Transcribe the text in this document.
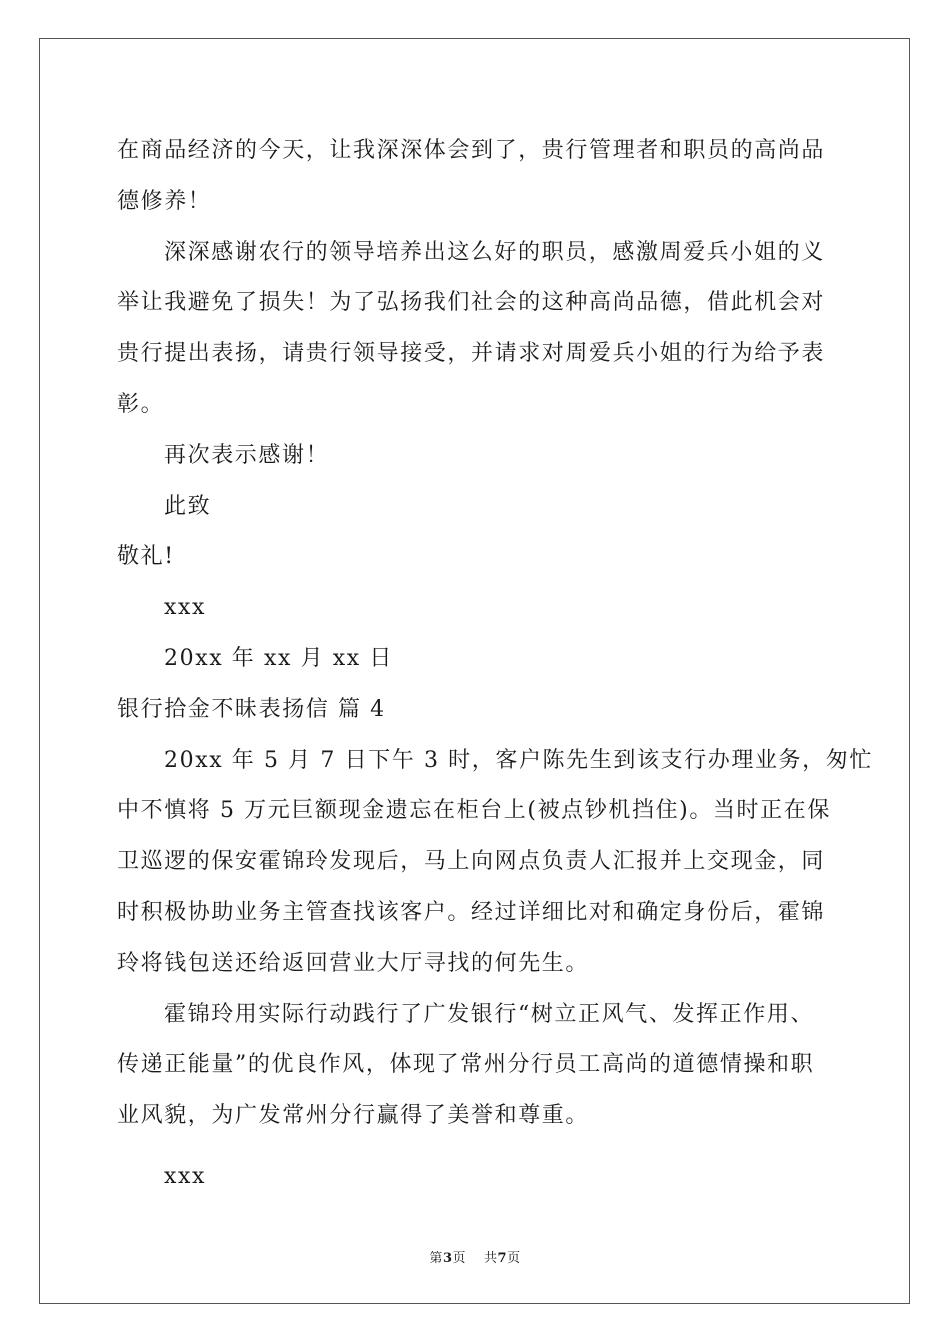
在商品经济的今天，让我深深体会到了，贵行管理者和职员的高尚品
德修养！
深深感谢农行的领导培养出这么好的职员，感激周爱兵小姐的义
举让我避免了损失！为了弘扬我们社会的这种高尚品德，借此机会对
贵行提出表扬，请贵行领导接受，并请求对周爱兵小姐的行为给予表
彰。
再次表示感谢！
此致
敬礼!
xxx
20xx 年 xx 月 xx 日
银行拾金不昧表扬信 篇 4
20xx 年 5 月 7 日下午 3 时，客户陈先生到该支行办理业务，匆忙
中不慎将 5 万元巨额现金遗忘在柜台上(被点钞机挡住)。当时正在保
卫巡逻的保安霍锦玲发现后，马上向网点负责人汇报并上交现金，同
时积极协助业务主管查找该客户。经过详细比对和确定身份后，霍锦
玲将钱包送还给返回营业大厅寻找的何先生。
霍锦玲用实际行动践行了广发银行“树立正风气、发挥正作用、
传递正能量”的优良作风，体现了常州分行员工高尚的道德情操和职
业风貌，为广发常州分行赢得了美誉和尊重。
xxx
第3页 共7页
